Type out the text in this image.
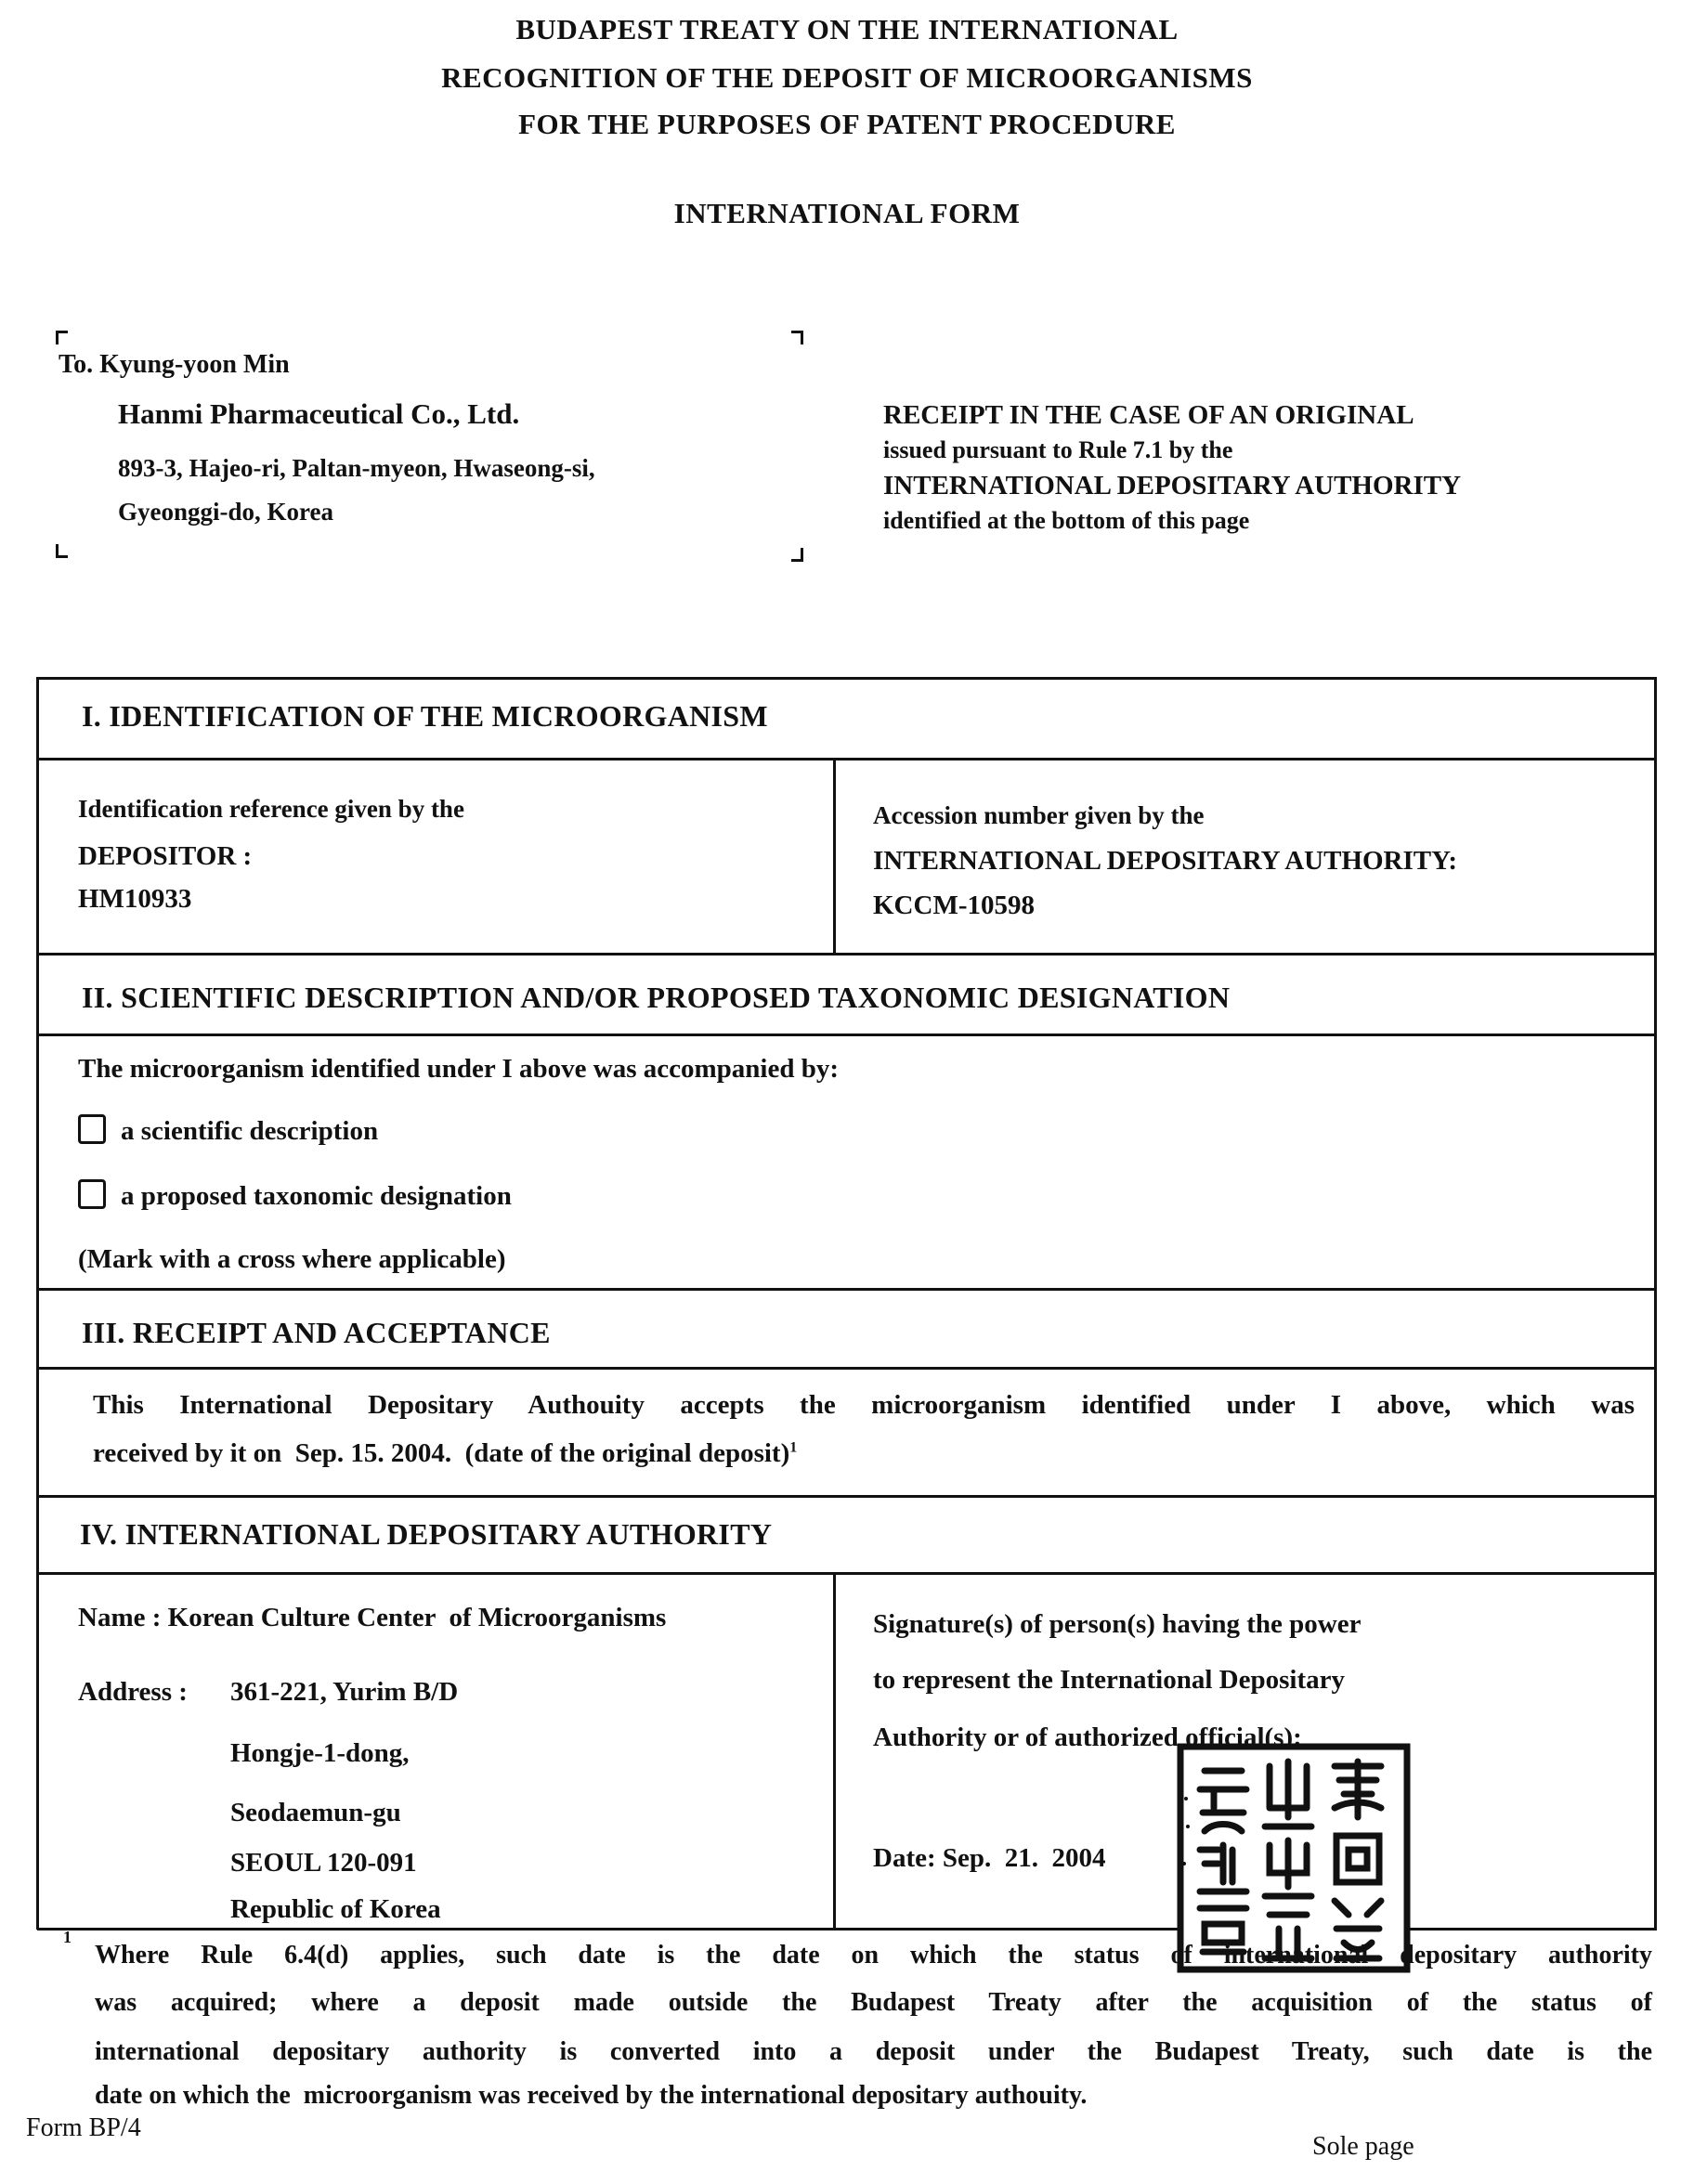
BUDAPEST TREATY ON THE INTERNATIONAL
RECOGNITION OF THE DEPOSIT OF MICROORGANISMS
FOR THE PURPOSES OF PATENT PROCEDURE
INTERNATIONAL FORM
To. Kyung-yoon Min
Hanmi Pharmaceutical Co., Ltd.
893-3, Hajeo-ri, Paltan-myeon, Hwaseong-si,
Gyeonggi-do, Korea
RECEIPT IN THE CASE OF AN ORIGINAL
issued pursuant to Rule 7.1 by the
INTERNATIONAL DEPOSITARY AUTHORITY
identified at the bottom of this page
I. IDENTIFICATION OF THE MICROORGANISM
Identification reference given by the
DEPOSITOR :
HM10933
Accession number given by the
INTERNATIONAL DEPOSITARY AUTHORITY:
KCCM-10598
II. SCIENTIFIC DESCRIPTION AND/OR PROPOSED TAXONOMIC DESIGNATION
The microorganism identified under I above was accompanied by:
a scientific description
a proposed taxonomic designation
(Mark with a cross where applicable)
III. RECEIPT AND ACCEPTANCE
This International Depositary Authouity accepts the microorganism identified under I above, which was
received by it on Sep. 15. 2004. (date of the original deposit)1
IV. INTERNATIONAL DEPOSITARY AUTHORITY
Name : Korean Culture Center  of Microorganisms
Address : 361-221, Yurim B/D
Hongje-1-dong,
Seodaemun-gu
SEOUL 120-091
Republic of Korea
Signature(s) of person(s) having the power
to represent the International Depositary
Authority or of authorized official(s):
Date: Sep.  21.  2004
1
Where Rule 6.4(d) applies, such date is the date on which the status of international depositary authority
was acquired; where a deposit made outside the Budapest Treaty after the acquisition of the status of
international depositary authority is converted into a deposit under the Budapest Treaty, such date is the
date on which the  microorganism was received by the international depositary authouity.
Form BP/4
Sole page
